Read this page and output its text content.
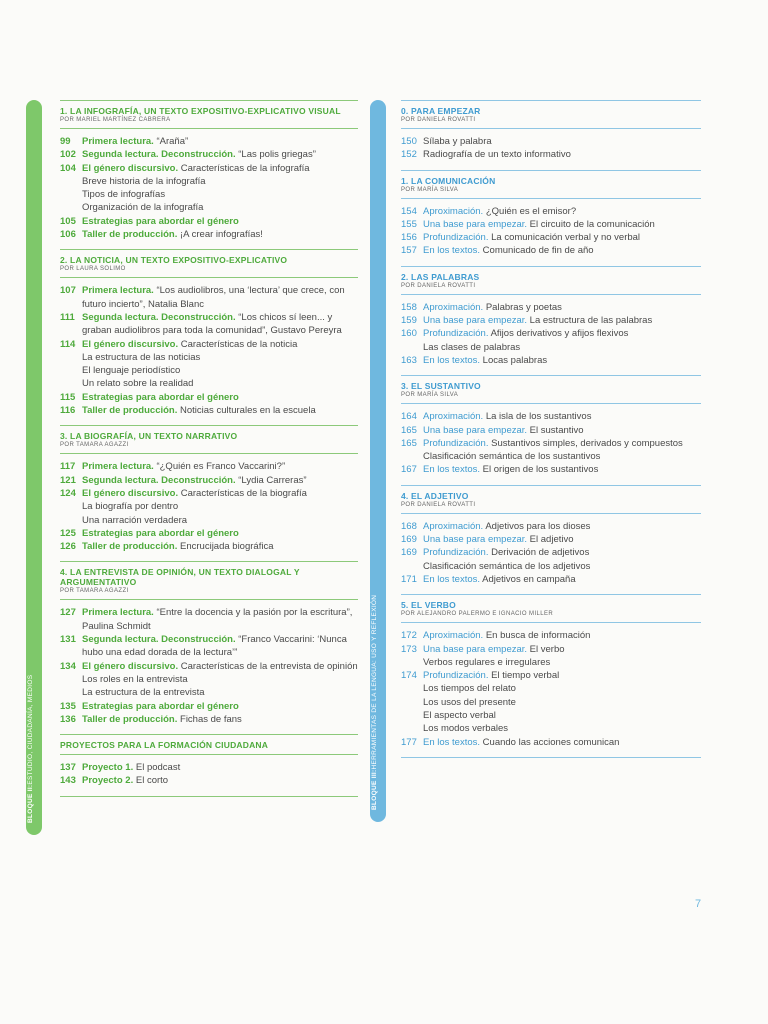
BLOQUE II:ESTUDIO, CIUDADANÍA, MEDIOS
BLOQUE III:HERRAMIENTAS DE LA LENGUA: USO Y REFLEXIÓN
1. LA INFOGRAFÍA, UN TEXTO EXPOSITIVO-EXPLICATIVO VISUAL
POR MARIEL MARTÍNEZ CABRERA
99 Primera lectura. “Araña”
102 Segunda lectura. Deconstrucción. “Las polis griegas”
104 El género discursivo. Características de la infografía
Breve historia de la infografía
Tipos de infografías
Organización de la infografía
105 Estrategias para abordar el género
106 Taller de producción. ¡A crear infografías!
2. LA NOTICIA, UN TEXTO EXPOSITIVO-EXPLICATIVO
POR LAURA SOLIMO
107 Primera lectura. “Los audiolibros, una ‘lectura’ que crece, con futuro incierto”, Natalia Blanc
111 Segunda lectura. Deconstrucción. “Los chicos sí leen... y graban audiolibros para toda la comunidad”, Gustavo Pereyra
114 El género discursivo. Características de la noticia
La estructura de las noticias
El lenguaje periodístico
Un relato sobre la realidad
115 Estrategias para abordar el género
116 Taller de producción. Noticias culturales en la escuela
3. LA BIOGRAFÍA, UN TEXTO NARRATIVO
POR TAMARA AGAZZI
117 Primera lectura. “¿Quién es Franco Vaccarini?”
121 Segunda lectura. Deconstrucción. “Lydia Carreras”
124 El género discursivo. Características de la biografía
La biografía por dentro
Una narración verdadera
125 Estrategias para abordar el género
126 Taller de producción. Encrucijada biográfica
4. LA ENTREVISTA DE OPINIÓN, UN TEXTO DIALOGAL Y ARGUMENTATIVO
POR TAMARA AGAZZI
127 Primera lectura. “Entre la docencia y la pasión por la escritura”, Paulina Schmidt
131 Segunda lectura. Deconstrucción. “Franco Vaccarini: ‘Nunca hubo una edad dorada de la lectura’”
134 El género discursivo. Características de la entrevista de opinión
Los roles en la entrevista
La estructura de la entrevista
135 Estrategias para abordar el género
136 Taller de producción. Fichas de fans
PROYECTOS PARA LA FORMACIÓN CIUDADANA
137 Proyecto 1. El podcast
143 Proyecto 2. El corto
0. PARA EMPEZAR
POR DANIELA ROVATTI
150 Sílaba y palabra
152 Radiografía de un texto informativo
1. LA COMUNICACIÓN
POR MARÍA SILVA
154 Aproximación. ¿Quién es el emisor?
155 Una base para empezar. El circuito de la comunicación
156 Profundización. La comunicación verbal y no verbal
157 En los textos. Comunicado de fin de año
2. LAS PALABRAS
POR DANIELA ROVATTI
158 Aproximación. Palabras y poetas
159 Una base para empezar. La estructura de las palabras
160 Profundización. Afijos derivativos y afijos flexivos
Las clases de palabras
163 En los textos. Locas palabras
3. EL SUSTANTIVO
POR MARÍA SILVA
164 Aproximación. La isla de los sustantivos
165 Una base para empezar. El sustantivo
165 Profundización. Sustantivos simples, derivados y compuestos
Clasificación semántica de los sustantivos
167 En los textos. El origen de los sustantivos
4. EL ADJETIVO
POR DANIELA ROVATTI
168 Aproximación. Adjetivos para los dioses
169 Una base para empezar. El adjetivo
169 Profundización. Derivación de adjetivos
Clasificación semántica de los adjetivos
171 En los textos. Adjetivos en campaña
5. EL VERBO
POR ALEJANDRO PALERMO E IGNACIO MILLER
172 Aproximación. En busca de información
173 Una base para empezar. El verbo
Verbos regulares e irregulares
174 Profundización. El tiempo verbal
Los tiempos del relato
Los usos del presente
El aspecto verbal
Los modos verbales
177 En los textos. Cuando las acciones comunican
7
